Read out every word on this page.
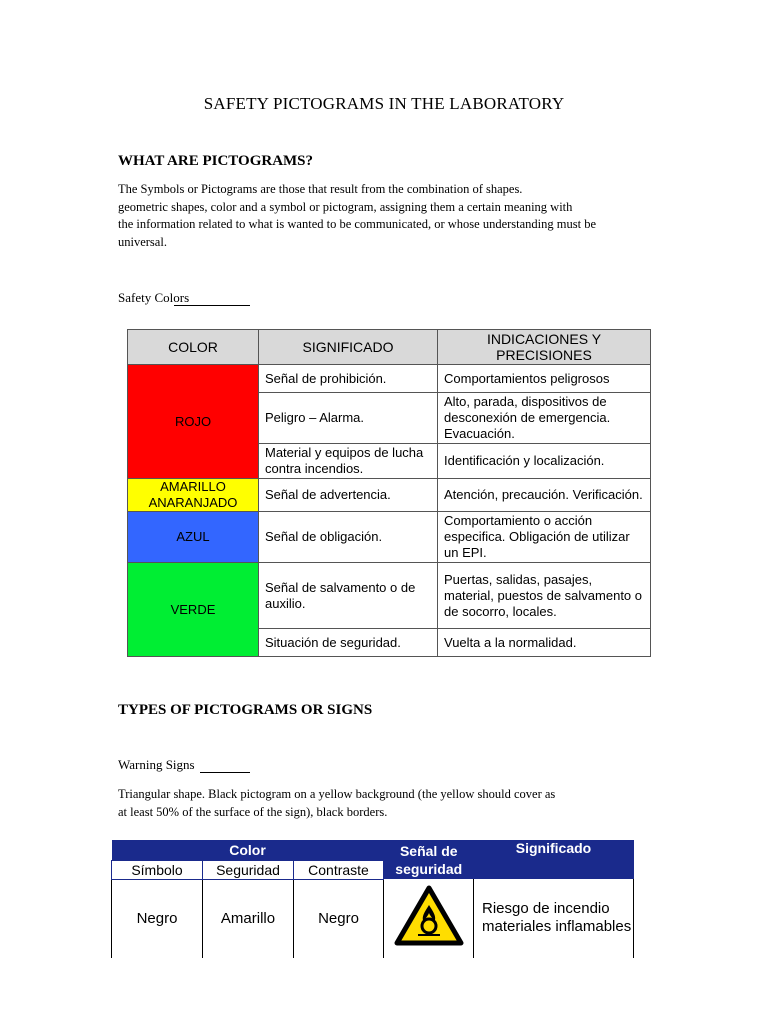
SAFETY PICTOGRAMS IN THE LABORATORY
WHAT ARE PICTOGRAMS?
The Symbols or Pictograms are those that result from the combination of shapes.
geometric shapes, color and a symbol or pictogram, assigning them a certain meaning with
the information related to what is wanted to be communicated, or whose understanding must be
universal.
Safety Colors
COLOR	SIGNIFICADO	INDICACIONES Y PRECISIONES
ROJO	Señal de prohibición.	Comportamientos peligrosos
	Peligro – Alarma.	Alto, parada, dispositivos de desconexión de emergencia. Evacuación.
	Material y equipos de lucha contra incendios.	Identificación y localización.
AMARILLO ANARANJADO	Señal de advertencia.	Atención, precaución. Verificación.
AZUL	Señal de obligación.	Comportamiento o acción especifica. Obligación de utilizar un EPI.
VERDE	Señal de salvamento o de auxilio.	Puertas, salidas, pasajes, material, puestos de salvamento o de socorro, locales.
	Situación de seguridad.	Vuelta a la normalidad.
TYPES OF PICTOGRAMS OR SIGNS
Warning Signs
Triangular shape. Black pictogram on a yellow background (the yellow should cover as
at least 50% of the surface of the sign), black borders.
Color			Señal de seguridad	Significado
Símbolo	Seguridad	Contraste		
Negro	Amarillo	Negro		Riesgo de incendio materiales inflamables
